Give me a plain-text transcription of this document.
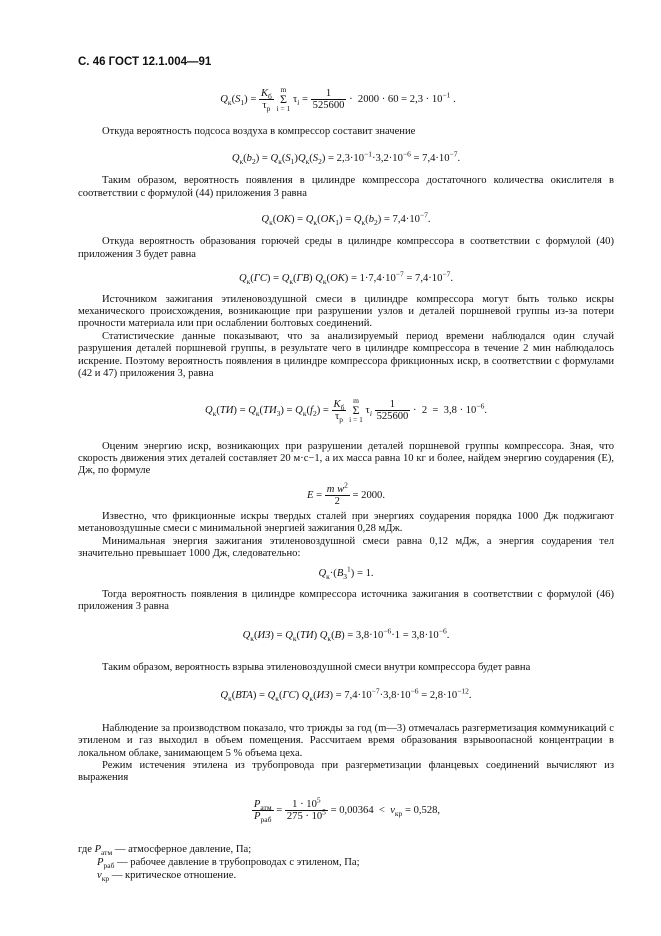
С. 46 ГОСТ 12.1.004—91
$Q_к(S_1) = \frac{K_б}{\tau_р}$ m
Σ
i = 1 $\tau_i = \frac{1}{525600} \cdot 2000 \cdot 60 = 2,3 \cdot 10^{-1}$ .

Откуда вероятность подсоса воздуха в компрессор составит значение

$Q_к(b_2) = Q_к(S_1)Q_к(S_2) = 2,3\cdot 10^{-1}\cdot 3,2\cdot 10^{-6} = 7,4\cdot 10^{-7}$.

Таким образом, вероятность появления в цилиндре компрессора достаточного количества окислителя в соответствии с формулой (44) приложения 3 равна

$Q_к(ОК) = Q_к(ОК_1) = Q_к(b_2) = 7,4\cdot 10^{-7}$.

Откуда вероятность образования горючей среды в цилиндре компрессора в соответствии с формулой (40) приложения 3 будет равна

$Q_к(ГС) = Q_к(ГВ) Q_к(ОК) = 1\cdot 7,4\cdot 10^{-7} = 7,4\cdot 10^{-7}$.

Источником зажигания этиленовоздушной смеси в цилиндре компрессора могут быть только искры механического происхождения, возникающие при разрушении узлов и деталей поршневой группы из-за потери прочности материала или при ослаблении болтовых соединений.

Статистические данные показывают, что за анализируемый период времени наблюдался один случай разрушения деталей поршневой группы, в результате чего в цилиндре компрессора в течение 2 мин наблюдалось искрение. Поэтому вероятность появления в цилиндре компрессора фрикционных искр, в соответствии с формулами (42 и 47) приложения 3, равна

$Q_к(ТИ) = Q_к(ТИ_3) = Q_к(f_2) = \frac{K_б}{\tau_р}$ m
Σ
i = 1 $\tau_i \frac{1}{525600} \cdot 2 = 3,8 \cdot 10^{-6}$.

Оценим энергию искр, возникающих при разрушении деталей поршневой группы компрессора. Зная, что скорость движения этих деталей составляет 20 м·с−1, а их масса равна 10 кг и более, найдем энергию соударения (E), Дж, по формуле

$E = \frac{m w^2}{2} = 2000$.

Известно, что фрикционные искры твердых сталей при энергиях соударения порядка 1000 Дж поджигают метановоздушные смеси с минимальной энергией зажигания 0,28 мДж.

Минимальная энергия зажигания этиленовоздушной смеси равна 0,12 мДж, а энергия соударения тел значительно превышает 1000 Дж, следовательно:

$Q_к\cdot(B_3^1) = 1$.

Тогда вероятность появления в цилиндре компрессора источника зажигания в соответствии с формулой (46) приложения 3 равна

$Q_к(ИЗ) = Q_к(ТИ) Q_к(В) = 3,8\cdot 10^{-6}\cdot 1 = 3,8\cdot 10^{-6}$.

Таким образом, вероятность взрыва этиленовоздушной смеси внутри компрессора будет равна

$Q_к(ВТА) = Q_к(ГС) Q_к(ИЗ) = 7,4\cdot 10^{-7}\cdot 3,8\cdot 10^{-6} = 2,8\cdot 10^{-12}$.

Наблюдение за производством показало, что трижды за год (m—3) отмечалась разгерметизация коммуникаций с этиленом и газ выходил в объем помещения. Рассчитаем время образования взрывоопасной концентрации в локальном облаке, занимающем 5 % объема цеха.

Режим истечения этилена из трубопровода при разгерметизации фланцевых соединений вычисляют из выражения

$\frac{P_{атм}}{P_{раб}} = \frac{1 \cdot 10^5}{275 \cdot 10^5} = 0,00364 < v_{кр} = 0,528$,
где $P_{атм}$ — атмосферное давление, Па;
$P_{раб}$ — рабочее давление в трубопроводах с этиленом, Па;
$v_{кр}$ — критическое отношение.
